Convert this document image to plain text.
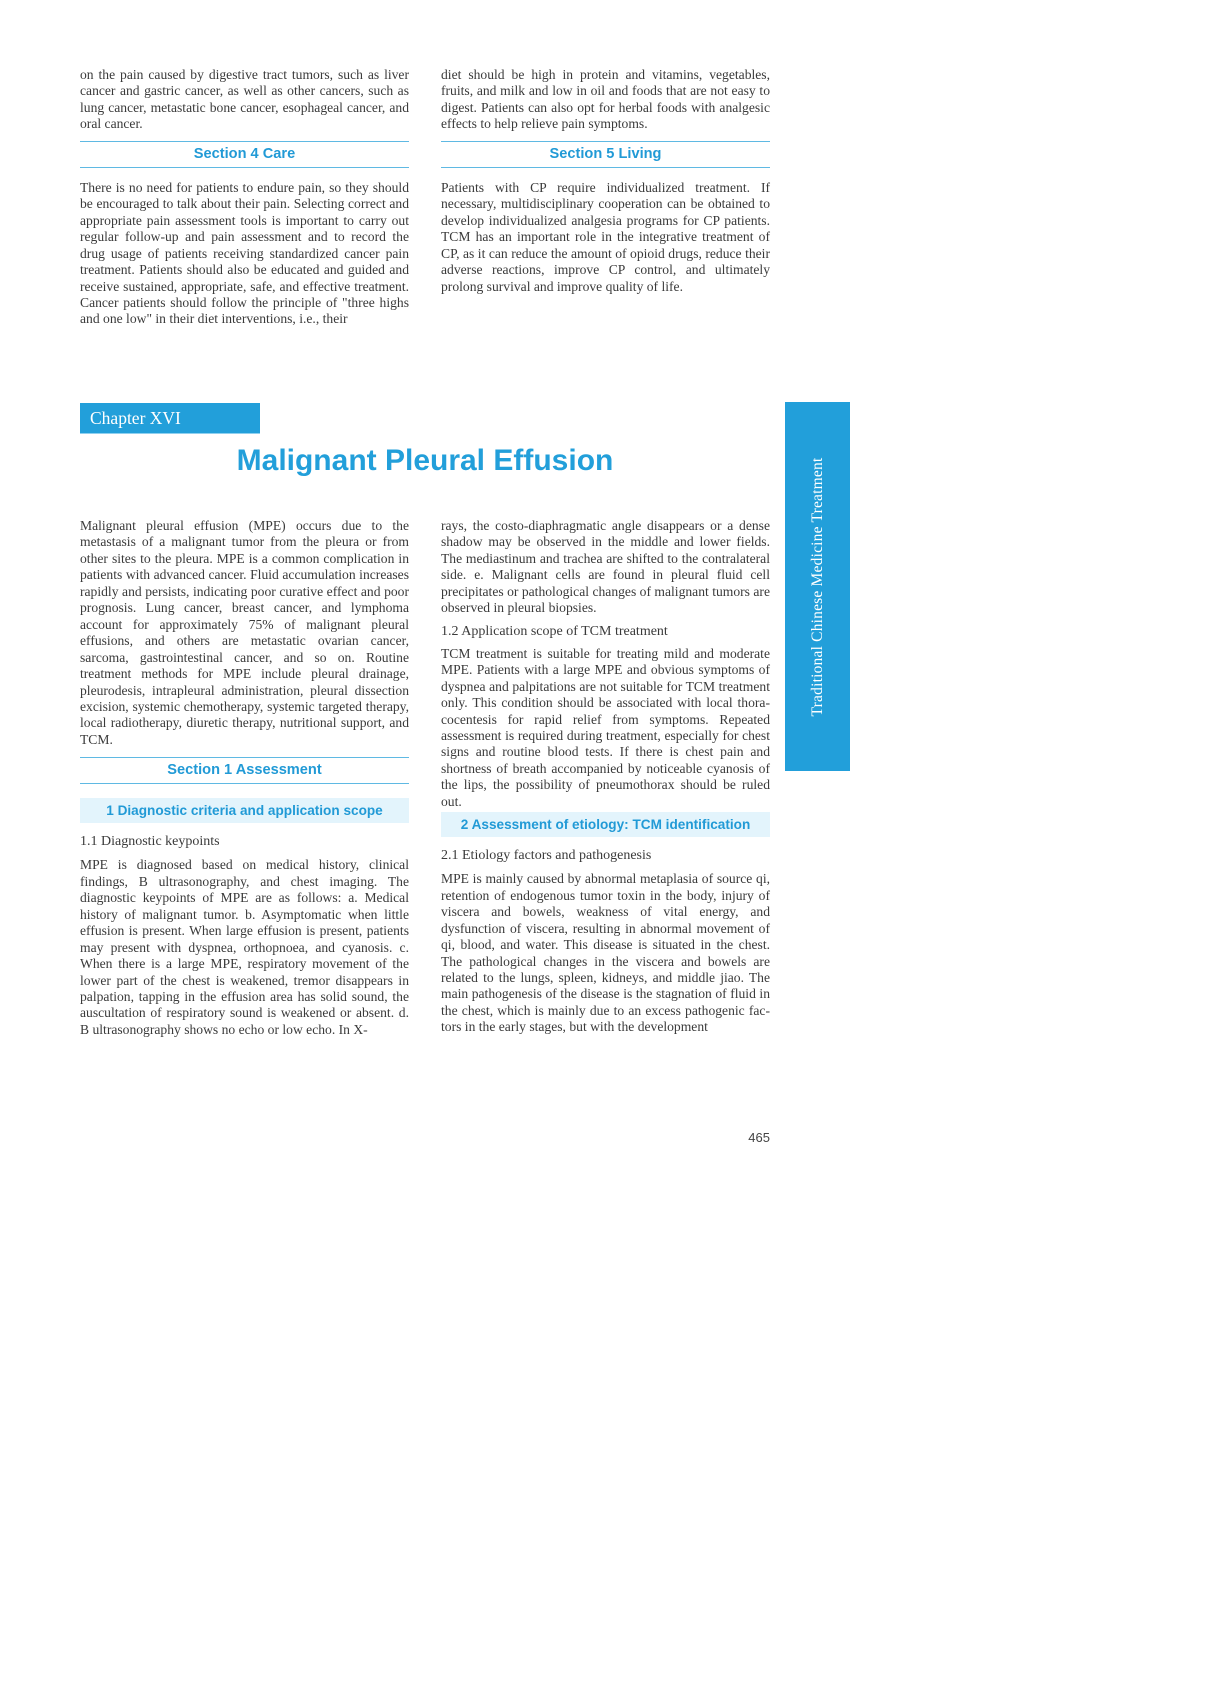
on the pain caused by digestive tract tumors, such as liver cancer and gastric cancer, as well as other cancers, such as lung cancer, metastatic bone cancer, esophageal cancer, and oral cancer.

Section 4 Care

There is no need for patients to endure pain, so they should be encouraged to talk about their pain. Selecting correct and appropriate pain assessment tools is important to carry out regular follow-up and pain assessment and to record the drug usage of patients receiving standardized cancer pain treatment. Patients should also be educated and guided and receive sustained, appropriate, safe, and effective treatment. Cancer patients should follow the principle of "three highs and one low" in their diet interventions, i.e., their

diet should be high in protein and vitamins, vegetables, fruits, and milk and low in oil and foods that are not easy to digest. Patients can also opt for herbal foods with analgesic effects to help relieve pain symptoms.

Section 5 Living

Patients with CP require individualized treatment. If necessary, multidisciplinary cooperation can be obtained to develop individualized analgesia programs for CP patients. TCM has an important role in the integrative treatment of CP, as it can reduce the amount of opioid drugs, reduce their adverse reactions, improve CP control, and ultimately prolong survival and improve quality of life.

Chapter XVI
Malignant Pleural Effusion	Traditional Chinese Medicine Treatment

Malignant pleural effusion (MPE) occurs due to the metastasis of a malignant tumor from the pleura or from other sites to the pleura. MPE is a common complication in patients with advanced cancer. Fluid accumulation increases rapidly and persists, indicating poor curative effect and poor prognosis. Lung cancer, breast cancer, and lymphoma account for approximately 75% of malignant pleural effusions, and others are metastatic ovarian cancer, sarcoma, gastrointestinal cancer, and so on. Routine treatment methods for MPE include pleural drainage, pleurodesis, intrapleural administration, pleural dissection excision, systemic chemotherapy, systemic targeted therapy, local radiotherapy, diuretic therapy, nutritional support, and TCM.

Section 1 Assessment
1 Diagnostic criteria and application scope

1.1 Diagnostic keypoints

MPE is diagnosed based on medical history, clinical findings, B ultrasonography, and chest imaging. The diagnostic keypoints of MPE are as follows: a. Medical history of malignant tumor. b. Asymptomatic when little effusion is present. When large effusion is present, patients may present with dyspnea, orthopnoea, and cyanosis. c. When there is a large MPE, respiratory movement of the lower part of the chest is weakened, tremor disappears in palpation, tapping in the effusion area has solid sound, the auscultation of respiratory sound is weakened or absent. d. B ultrasonography shows no echo or low echo. In X-

rays, the costo-diaphragmatic angle disappears or a dense shadow may be observed in the middle and lower fields. The mediastinum and trachea are shifted to the contralateral side. e. Malignant cells are found in pleural fluid cell precipitates or pathological changes of malignant tumors are observed in pleural biopsies.

1.2 Application scope of TCM treatment

TCM treatment is suitable for treating mild and moderate MPE. Patients with a large MPE and obvious symptoms of dyspnea and palpitations are not suitable for TCM treatment only. This condition should be associated with local thoracocentesis for rapid relief from symptoms. Repeated assessment is required during treatment, especially for chest signs and routine blood tests. If there is chest pain and shortness of breath accompanied by noticeable cyanosis of the lips, the possibility of pneumothorax should be ruled out.

2 Assessment of etiology: TCM identification

2.1 Etiology factors and pathogenesis

MPE is mainly caused by abnormal metaplasia of source qi, retention of endogenous tumor toxin in the body, injury of viscera and bowels, weakness of vital energy, and dysfunction of viscera, resulting in abnormal movement of qi, blood, and water. This disease is situated in the chest. The pathological changes in the viscera and bowels are related to the lungs, spleen, kidneys, and middle jiao. The main pathogenesis of the disease is the stagnation of fluid in the chest, which is mainly due to an excess pathogenic factors in the early stages, but with the development

465
